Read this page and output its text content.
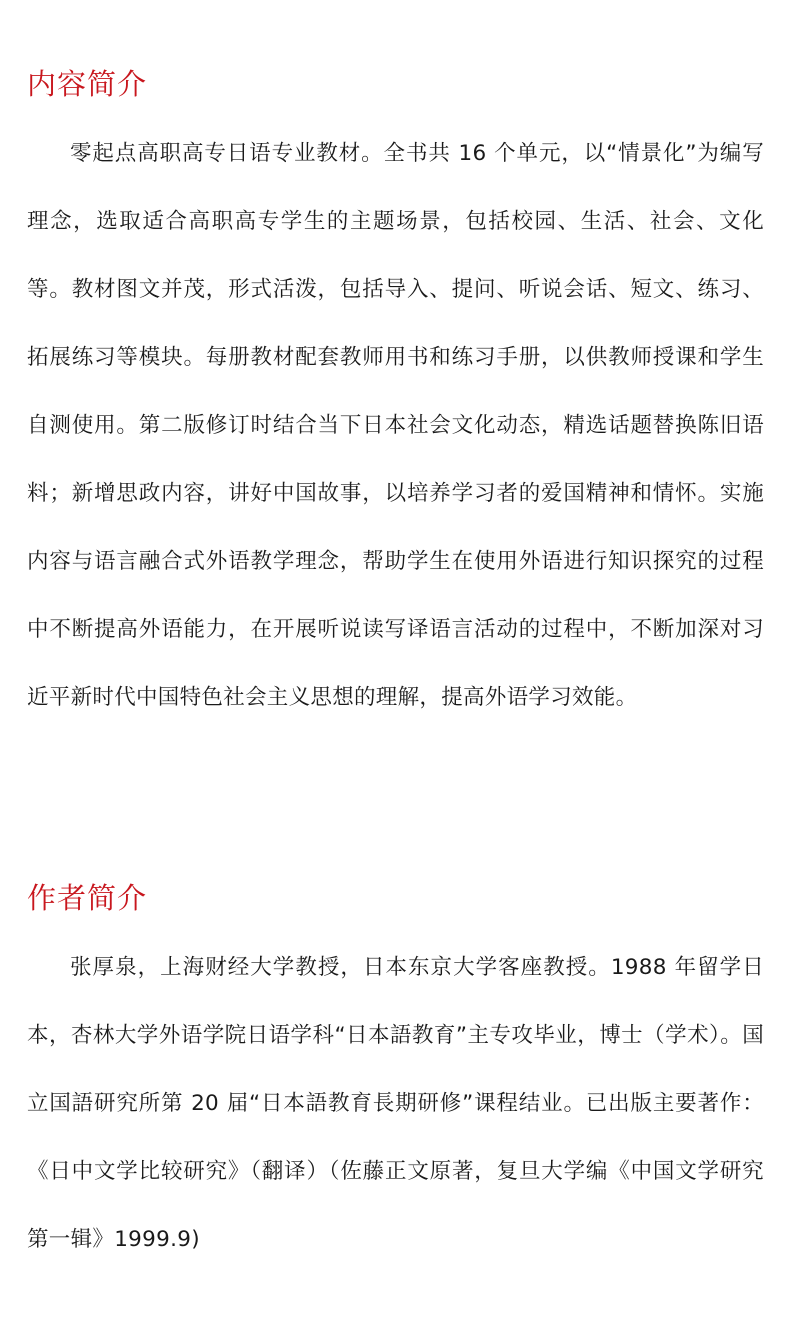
内容简介

零起点高职高专日语专业教材。全书共 16 个单元，以“情景化”为编写理念，选取适合高职高专学生的主题场景，包括校园、生活、社会、文化等。教材图文并茂，形式活泼，包括导入、提问、听说会话、短文、练习、拓展练习等模块。每册教材配套教师用书和练习手册，以供教师授课和学生自测使用。第二版修订时结合当下日本社会文化动态，精选话题替换陈旧语料；新增思政内容，讲好中国故事，以培养学习者的爱国精神和情怀。实施内容与语言融合式外语教学理念，帮助学生在使用外语进行知识探究的过程中不断提高外语能力，在开展听说读写译语言活动的过程中，不断加深对习近平新时代中国特色社会主义思想的理解，提高外语学习效能。

作者简介

张厚泉，上海财经大学教授，日本东京大学客座教授。1988 年留学日本，杏林大学外语学院日语学科“日本語教育”主专攻毕业，博士（学术）。国立国語研究所第 20 届“日本語教育長期研修”课程结业。已出版主要著作：《日中文学比较研究》（翻译）（佐藤正文原著，复旦大学编《中国文学研究第一辑》1999.9)
